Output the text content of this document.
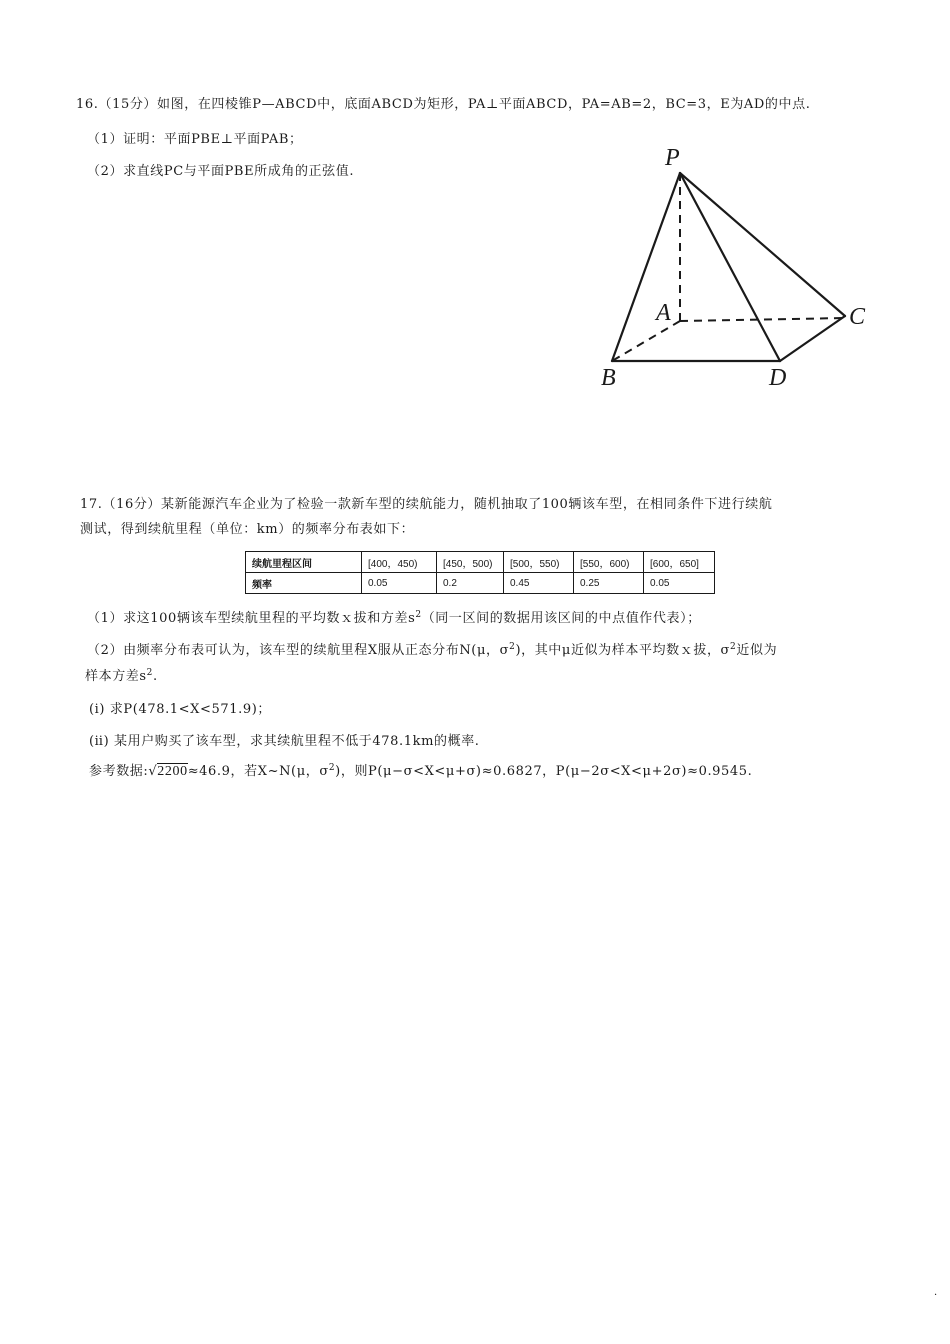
16.（15分）如图，在四棱锥P—ABCD中，底面ABCD为矩形，PA⊥平面ABCD，PA=AB=2，BC=3，E为AD的中点.
（1）证明：平面PBE⊥平面PAB；
（2）求直线PC与平面PBE所成角的正弦值.
P
A
B
C
D
17.（16分）某新能源汽车企业为了检验一款新车型的续航能力，随机抽取了100辆该车型，在相同条件下进行续航
测试，得到续航里程（单位：km）的频率分布表如下：
续航里程区间	[400，450)	[450，500)	[500，550)	[550，600)	[600，650]
频率	0.05	0.2	0.45	0.25	0.05
（1）求这100辆该车型续航里程的平均数ｘ拔和方差$s^2$（同一区间的数据用该区间的中点值作代表）；
（2）由频率分布表可认为，该车型的续航里程X服从正态分布N(μ，$\sigma^2$)，其中μ近似为样本平均数ｘ拔，$\sigma^2$近似为
样本方差$s^2$.
(i) 求P(478.1<X<571.9)；
(ⅱ) 某用户购买了该车型，求其续航里程不低于478.1km的概率.
参考数据:√2200≈46.9，若X~N(μ，$\sigma^2$)，则P(μ−σ<X<μ+σ)≈0.6827，P(μ−2σ<X<μ+2σ)≈0.9545.
·
